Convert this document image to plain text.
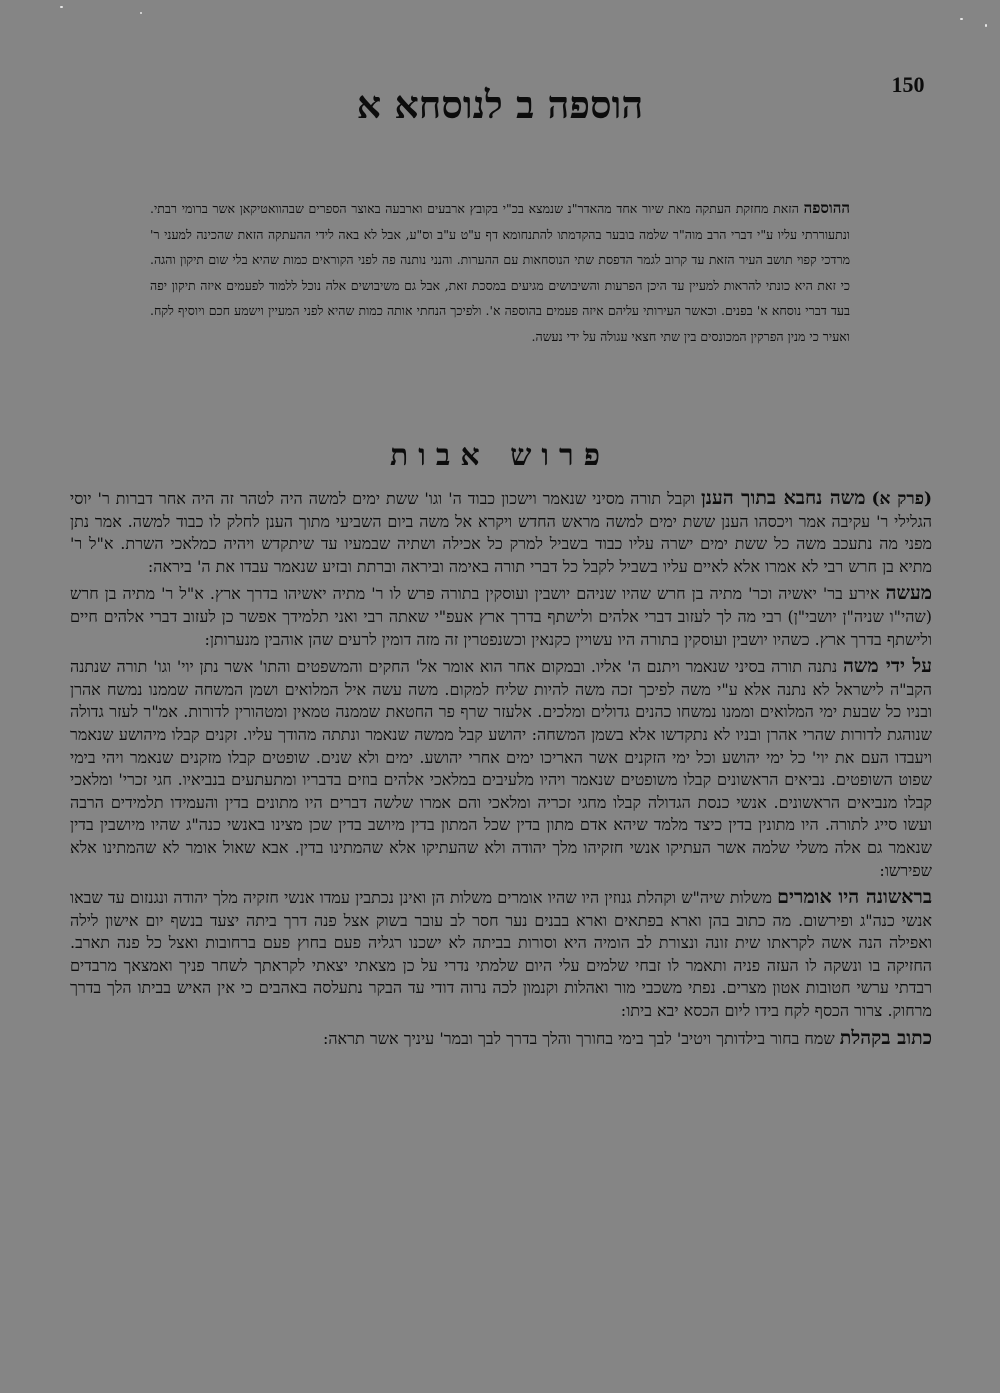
150
הוספה ב לנוסחא א
ההוספה הזאת מחזקת העתקה מאת שיור אחד מהאדר"נ שנמצא בכ"י בקובץ ארבעים וארבעה באוצר הספרים שבהוואטיקאן אשר ברומי רבתי. ונתעוררתי עליו ע"י דברי הרב מוה"ר שלמה בובער בהקדמתו להתנחומא דף ע"ט ע"ב וס"ע, אבל לא באה לידי ההעתקה הזאת שהכינה למעני ר' מרדכי קפוי תושב העיר הזאת עד קרוב לגמר הדפסת שתי הנוסחאות עם ההערות. והנני נותנה פה לפני הקוראים כמות שהיא בלי שום תיקון והגה. כי זאת היא כונתי להראות למעיין עד היכן הפרעות והשיבושים מגיעים במסכת זאת, אבל גם משיבושים אלה נוכל ללמוד לפעמים איזה תיקון יפה בעד דברי נוסחא א' בפנים. וכאשר העירותי עליהם איזה פעמים בהוספה א'. ולפיכך הנחתי אותה כמות שהיא לפני המעיין וישמע חכם ויוסיף לקח. ואעיר כי מנין הפרקין המכונסים בין שתי חצאי עגולה על ידי נעשה.
פרוש אבות

(פרק א) משה נחבא בתוך הענן וקבל תורה מסיני שנאמר וישכון כבוד ה' וגו' ששת ימים למשה היה לטהר זה היה אחר דברות ר' יוסי הגלילי ר' עקיבה אמר ויכסהו הענן ששת ימים למשה מראש החדש ויקרא אל משה ביום השביעי מתוך הענן לחלק לו כבוד למשה. אמר נתן מפני מה נתעכב משה כל ששת ימים ישרה עליו כבוד בשביל למרק כל אכילה ושתיה שבמעיו עד שיתקדש ויהיה כמלאכי השרת. א"ל ר' מתיא בן חרש רבי לא אמרו אלא לאיים עליו בשביל לקבל כל דברי תורה באימה וביראה וברתת ובזיע שנאמר עבדו את ה' ביראה:

מעשה אירע בר' יאשיה וכר' מתיה בן חרש שהיו שניהם יושבין ועוסקין בתורה פרש לו ר' מתיה יאשיהו בדרך ארץ. א"ל ר' מתיה בן חרש (שהי"ו שניה"ן יושבי"ן) רבי מה לך לעזוב דברי אלהים ולישתף בדרך ארץ אעפ"י שאתה רבי ואני תלמידך אפשר כן לעזוב דברי אלהים חיים ולישתף בדרך ארץ. כשהיו יושבין ועוסקין בתורה היו עשויין כקנאין וכשנפטרין זה מזה דומין לרעים שהן אוהבין מנערותן:

על ידי משה נתנה תורה בסיני שנאמר ויתנם ה' אליו. ובמקום אחר הוא אומר אל' החקים והמשפטים והתו' אשר נתן יוי' וגו' תורה שנתנה הקב"ה לישראל לא נתנה אלא ע"י משה לפיכך זכה משה להיות שליח למקום. משה עשה איל המלואים ושמן המשחה שממנו נמשח אהרן ובניו כל שבעת ימי המלואים וממנו נמשחו כהנים גדולים ומלכים. אלעזר שרף פר החטאת שממנה טמאין ומטהורין לדורות. אמ"ר לעזר גדולה שנוהגת לדורות שהרי אהרן ובניו לא נתקדשו אלא בשמן המשחה: יהושע קבל ממשה שנאמר ונתתה מהודך עליו. זקנים קבלו מיהושע שנאמר ויעבדו העם את יוי' כל ימי יהושע וכל ימי הזקנים אשר האריכו ימים אחרי יהושע. ימים ולא שנים. שופטים קבלו מזקנים שנאמר ויהי בימי שפוט השופטים. נביאים הראשונים קבלו משופטים שנאמר ויהיו מלעיבים במלאכי אלהים בוזים בדבריו ומתעתעים בנביאיו. חגי זכרי' ומלאכי קבלו מנביאים הראשונים. אנשי כנסת הגדולה קבלו מחגי זכריה ומלאכי והם אמרו שלשה דברים היו מתונים בדין והעמידו תלמידים הרבה ועשו סייג לתורה. היו מתונין בדין כיצד מלמד שיהא אדם מתון בדין שכל המתון בדין מיושב בדין שכן מצינו באנשי כנה"ג שהיו מיושבין בדין שנאמר גם אלה משלי שלמה אשר העתיקו אנשי חזקיהו מלך יהודה ולא שהעתיקו אלא שהמתינו בדין. אבא שאול אומר לא שהמתינו אלא שפירשו:

בראשונה היו אומרים משלות שיה"ש וקהלת גנוזין היו שהיו אומרים משלות הן ואינן נכתבין עמדו אנשי חזקיה מלך יהודה ונגנזום עד שבאו אנשי כנה"ג ופירשום. מה כתוב בהן וארא בפתאים וארא בבנים נער חסר לב עובר בשוק אצל פנה דרך ביתה יצעד בנשף יום אישון לילה ואפילה הנה אשה לקראתו שית זונה ונצורת לב הומיה היא וסורות בביתה לא ישכנו רגליה פעם בחוץ פעם ברחובות ואצל כל פנה תארב. החזיקה בו ונשקה לו העזה פניה ותאמר לו זבחי שלמים עלי היום שלמתי נדרי על כן מצאתי יצאתי לקראתך לשחר פניך ואמצאך מרבדים רבדתי ערשי חטובות אטון מצרים. נפתי משכבי מור ואהלות וקנמון לכה נרוה דודי עד הבקר נתעלסה באהבים כי אין האיש בביתו הלך בדרך מרחוק. צרור הכסף לקח בידו ליום הכסא יבא ביתו:

כתוב בקהלת שמח בחור בילדותך ויטיב' לבך בימי בחורך והלך בדרך לבך ובמר' עיניך אשר תראה:
